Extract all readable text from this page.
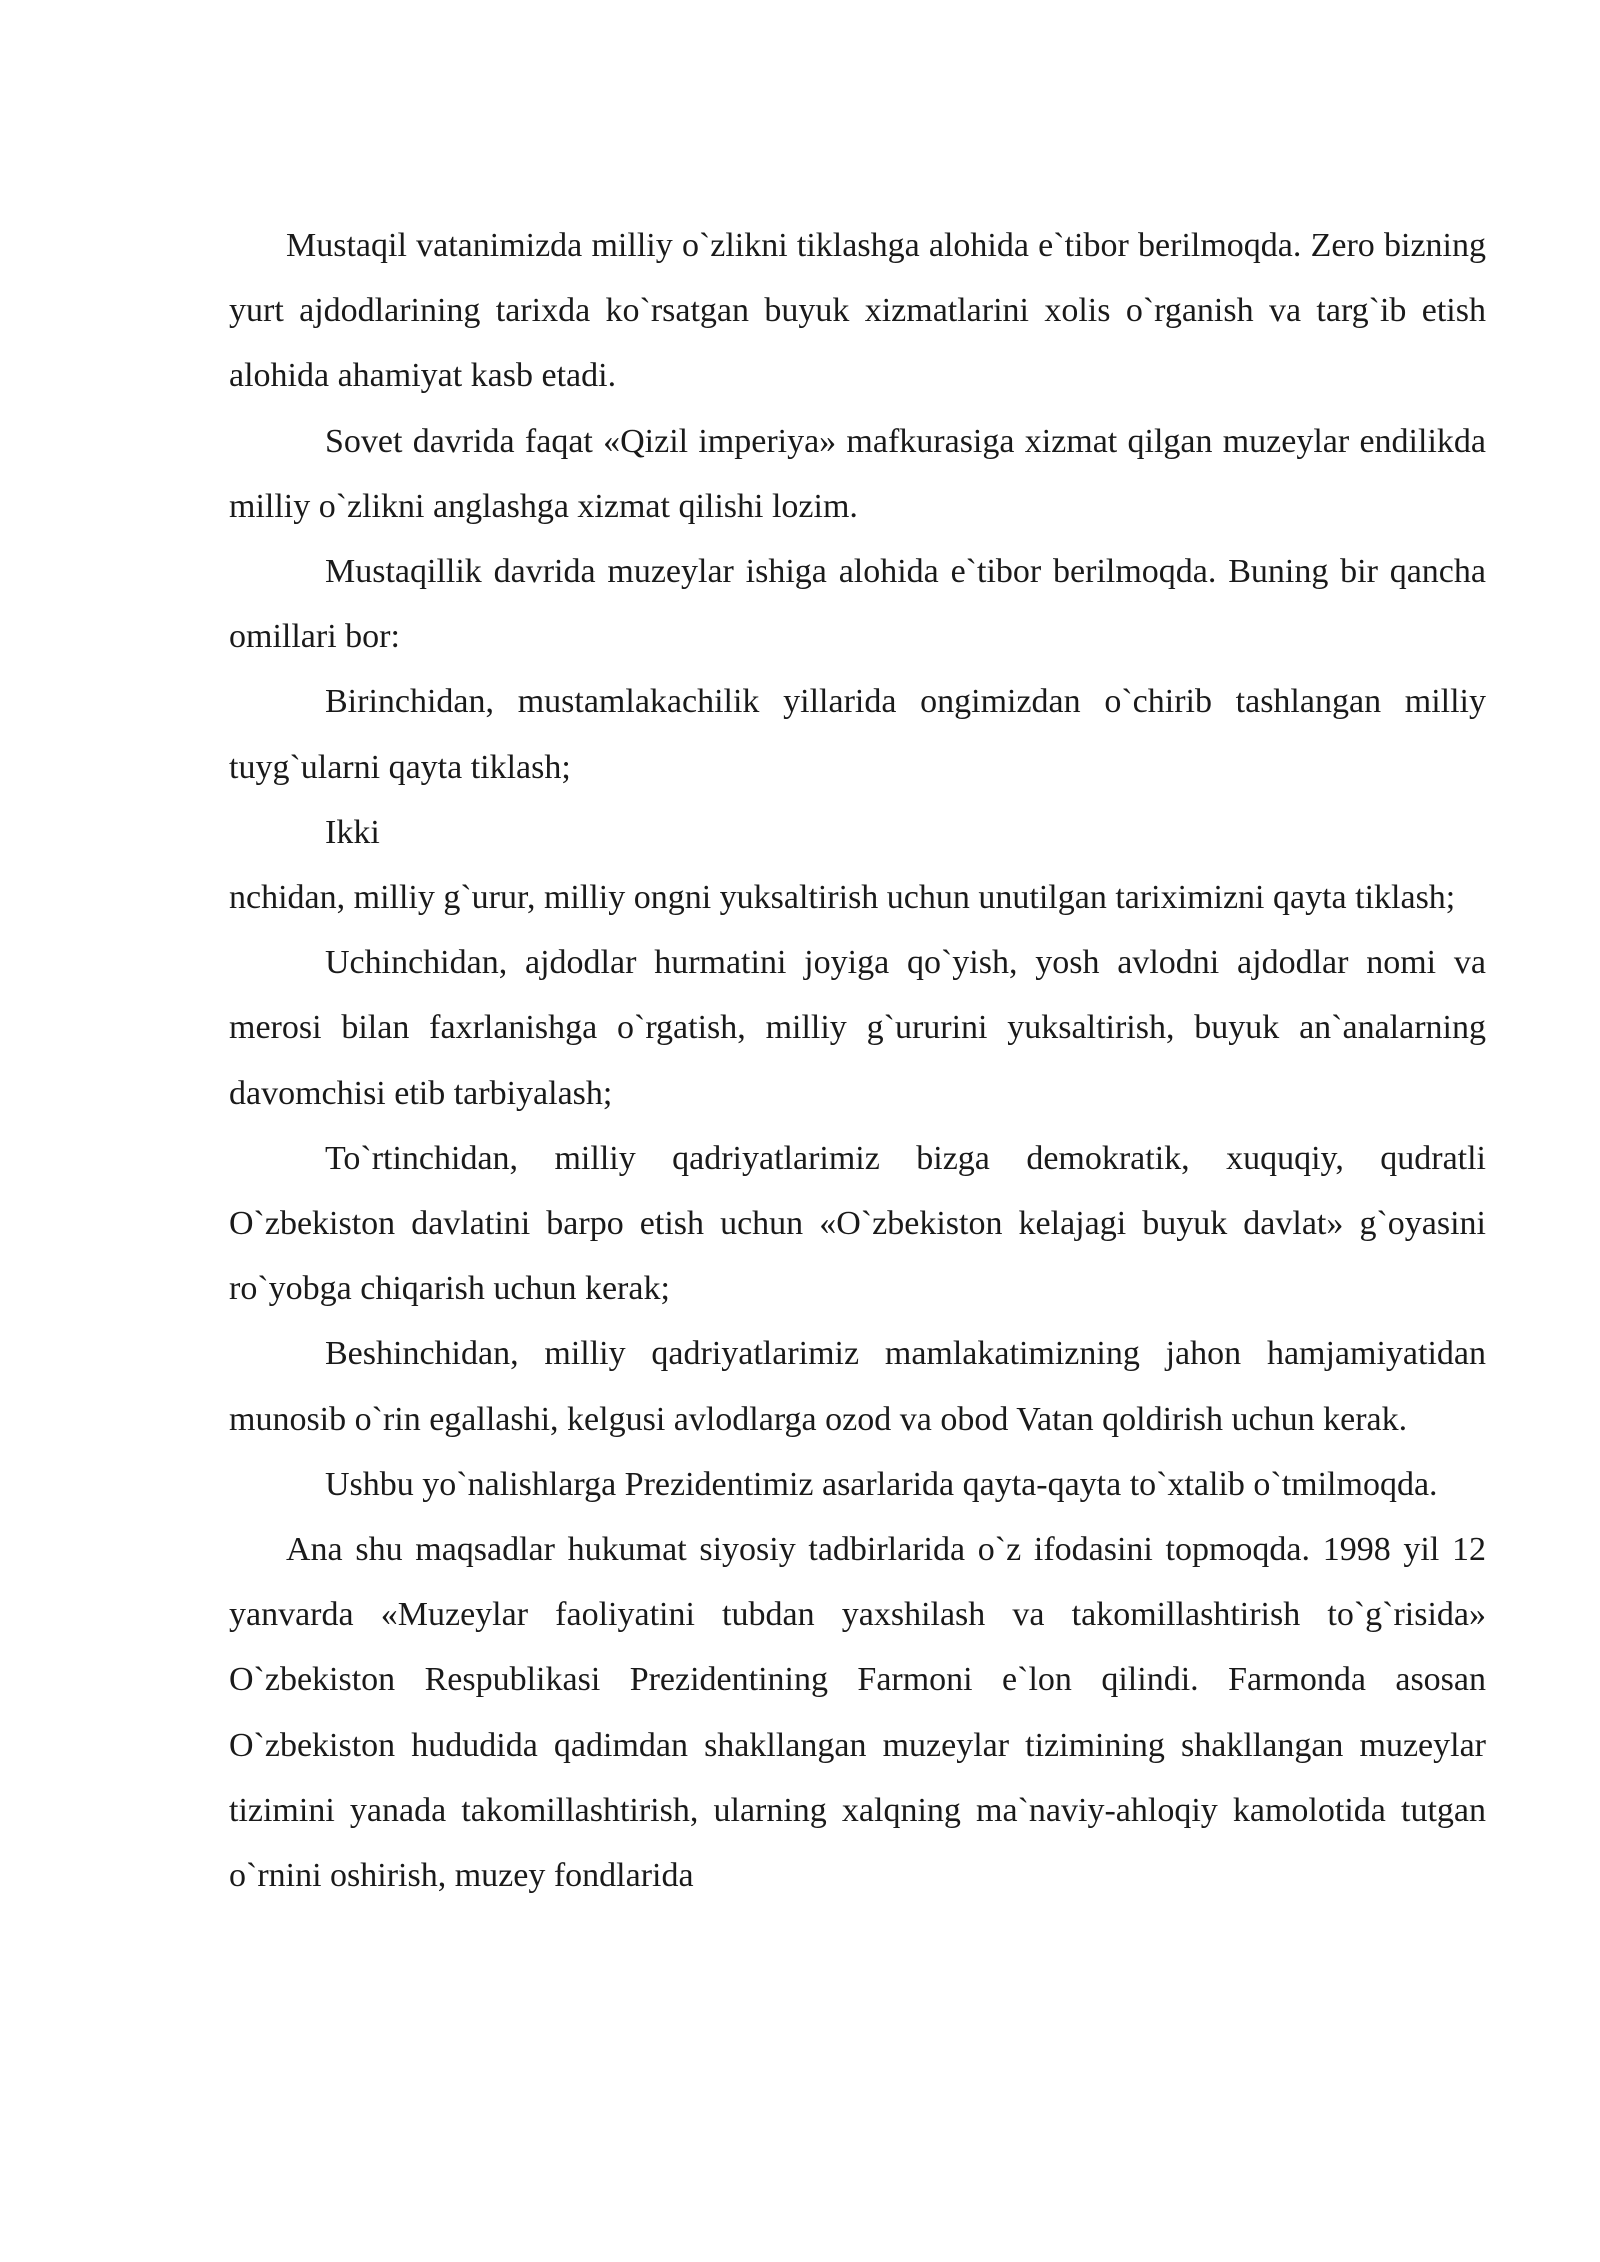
Mustaqil vatanimizda milliy o`zlikni tiklashga alohida e`tibor berilmoqda. Zero bizning yurt ajdodlarining tarixda ko`rsatgan buyuk xizmatlarini xolis o`rganish va targ`ib etish alohida ahamiyat kasb etadi.

Sovet davrida faqat «Qizil imperiya» mafkurasiga xizmat qilgan muzeylar endilikda milliy o`zlikni anglashga xizmat qilishi lozim.

Mustaqillik davrida muzeylar ishiga alohida e`tibor berilmoqda. Buning bir qancha omillari bor:

Birinchidan, mustamlakachilik yillarida ongimizdan o`chirib tashlangan milliy tuyg`ularni qayta tiklash;

Ikki

nchidan, milliy g`urur, milliy ongni yuksaltirish uchun unutilgan tariximizni qayta tiklash;

Uchinchidan, ajdodlar hurmatini joyiga qo`yish, yosh avlodni ajdodlar nomi va merosi bilan faxrlanishga o`rgatish, milliy g`ururini yuksaltirish, buyuk an`analarning davomchisi etib tarbiyalash;

To`rtinchidan, milliy qadriyatlarimiz bizga demokratik, xuquqiy, qudratli O`zbekiston davlatini barpo etish uchun «O`zbekiston kelajagi buyuk davlat» g`oyasini ro`yobga chiqarish uchun kerak;

Beshinchidan, milliy qadriyatlarimiz mamlakatimizning jahon hamjamiyatidan munosib o`rin egallashi, kelgusi avlodlarga ozod va obod Vatan qoldirish uchun kerak.

Ushbu yo`nalishlarga Prezidentimiz asarlarida qayta-qayta to`xtalib o`tmilmoqda.

Ana shu maqsadlar hukumat siyosiy tadbirlarida o`z ifodasini topmoqda. 1998 yil 12 yanvarda «Muzeylar faoliyatini tubdan yaxshilash va takomillashtirish to`g`risida» O`zbekiston Respublikasi Prezidentining Farmoni e`lon qilindi. Farmonda asosan O`zbekiston hududida qadimdan shakllangan muzeylar tizimining shakllangan muzeylar tizimini yanada takomillashtirish, ularning xalqning ma`naviy-ahloqiy kamolotida tutgan o`rnini oshirish, muzey fondlarida
